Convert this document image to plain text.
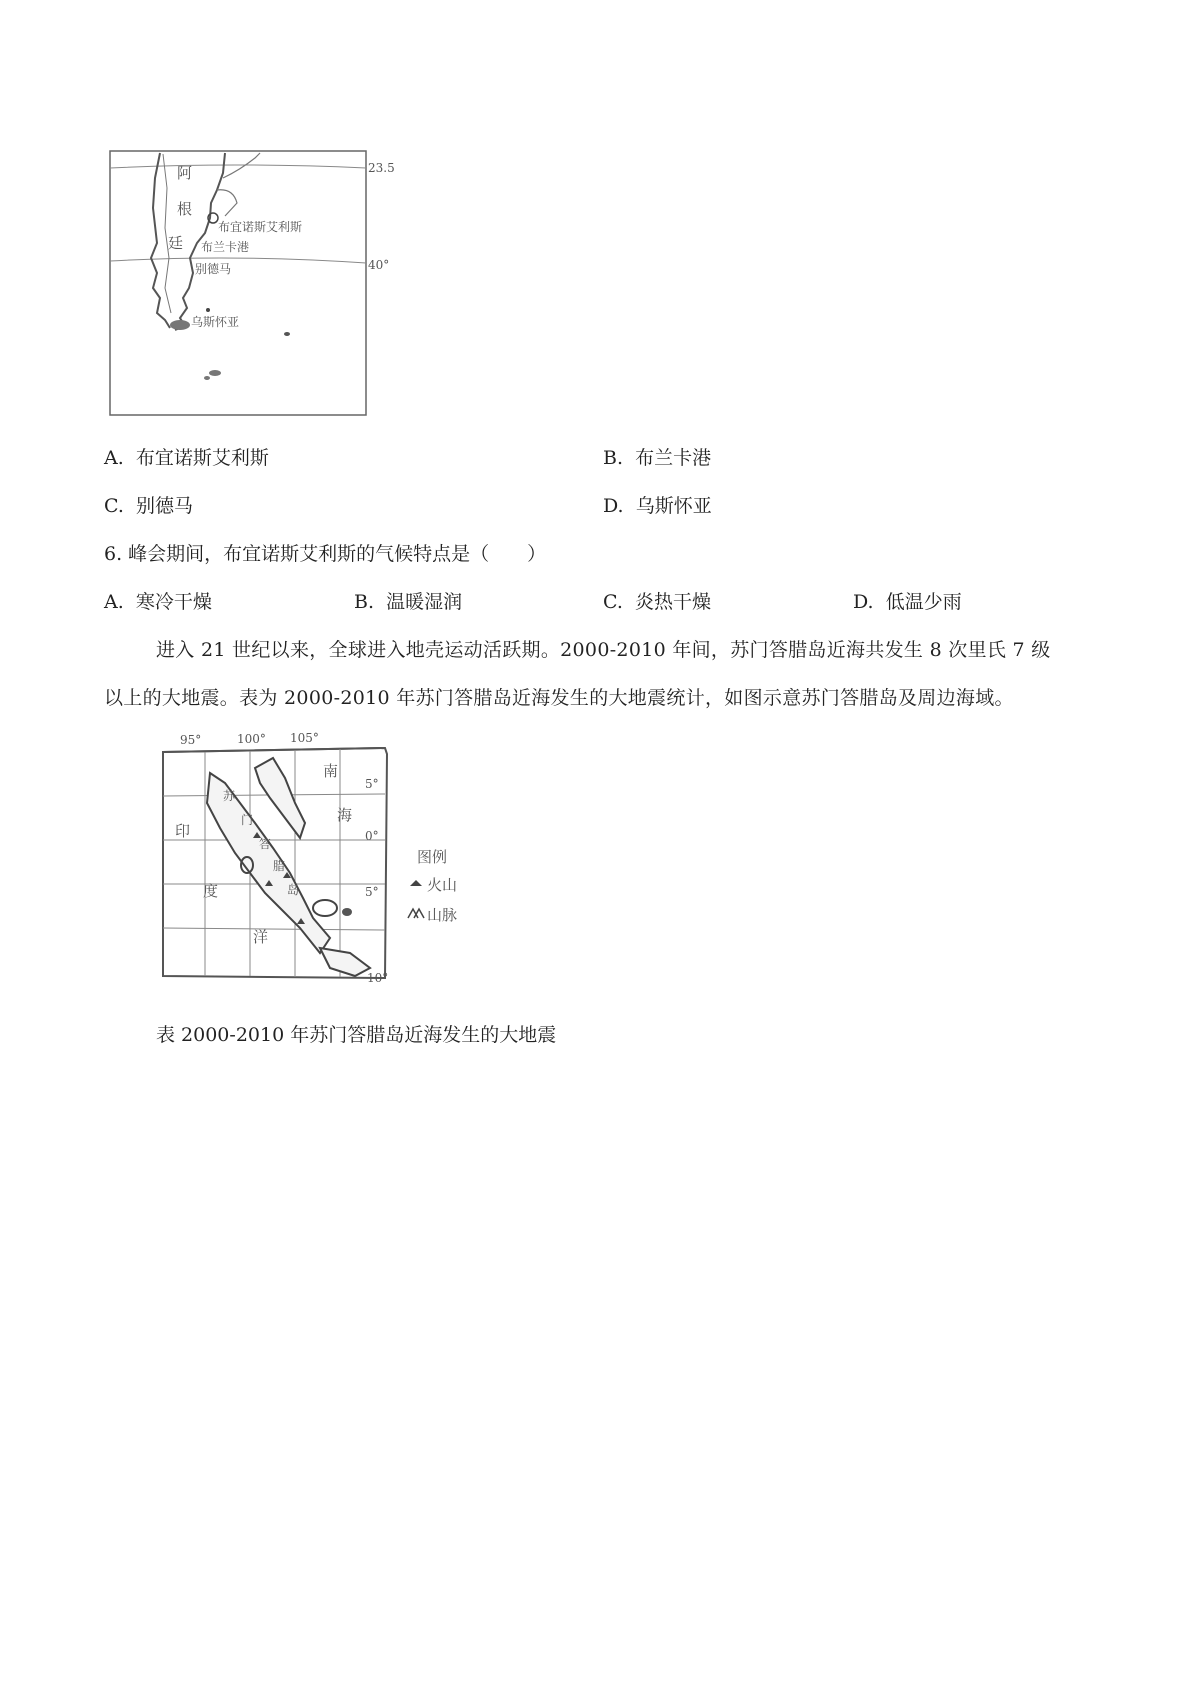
23.5
40°
阿
根
廷
布宜诺斯艾利斯
布兰卡港
别德马
乌斯怀亚
A. 布宜诺斯艾利斯	B. 布兰卡港
C. 别德马	D. 乌斯怀亚
6. 峰会期间，布宜诺斯艾利斯的气候特点是（　　）
A. 寒冷干燥	B. 温暖湿润	C. 炎热干燥	D. 低温少雨
进入 21 世纪以来，全球进入地壳运动活跃期。2000-2010 年间，苏门答腊岛近海共发生 8 次里氏 7 级
以上的大地震。表为 2000-2010 年苏门答腊岛近海发生的大地震统计，如图示意苏门答腊岛及周边海域。
95°	100° 105°
5°
0°
5°
10°
印
度
洋
南
海
苏
门
答
腊
岛
图例
火山
山脉
表 2000-2010 年苏门答腊岛近海发生的大地震
